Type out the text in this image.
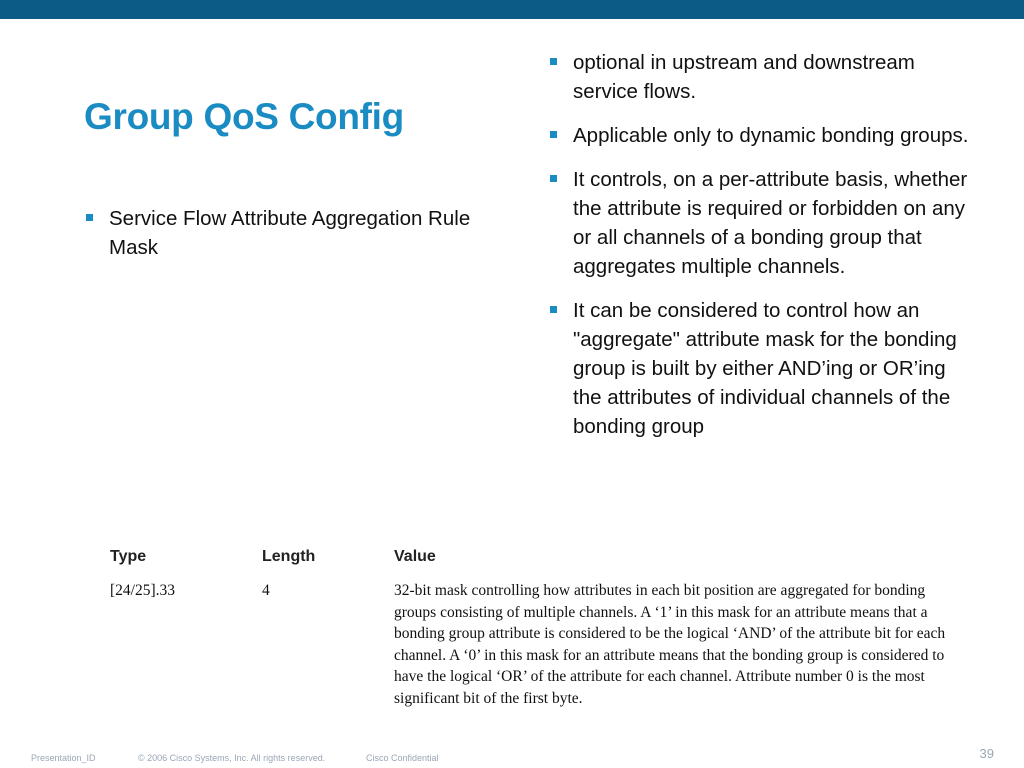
Group QoS Config
Service Flow Attribute Aggregation Rule Mask
optional in upstream and downstream service flows.
Applicable only to dynamic bonding groups.
It controls, on a per-attribute basis, whether the attribute is required or forbidden on any or all channels of a bonding group that aggregates multiple channels.
It can be considered to control how an "aggregate" attribute mask for the bonding group is built by either AND’ing or OR’ing the attributes of individual channels of the bonding group
Type	Length	Value
[24/25].33	4	32-bit mask controlling how attributes in each bit position are aggregated for bonding groups consisting of multiple channels. A ‘1’ in this mask for an attribute means that a bonding group attribute is considered to be the logical ‘AND’ of the attribute bit for each channel. A ‘0’ in this mask for an attribute means that the bonding group is considered to have the logical ‘OR’ of the attribute for each channel. Attribute number 0 is the most significant bit of the first byte.
Presentation_ID	© 2006 Cisco Systems, Inc. All rights reserved.	Cisco Confidential	39
